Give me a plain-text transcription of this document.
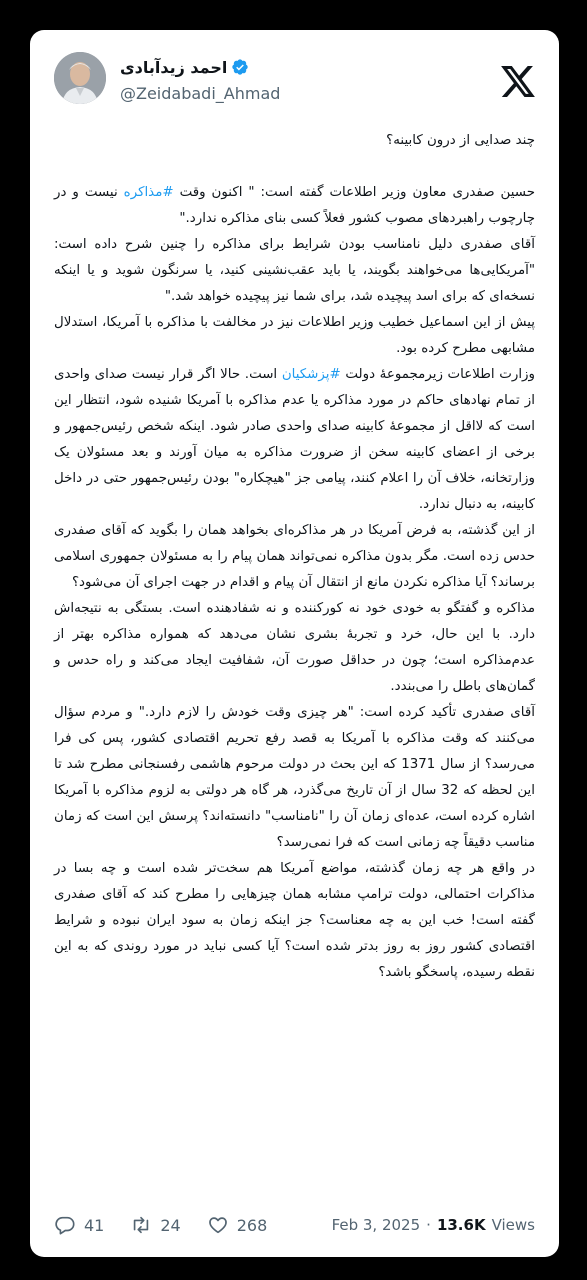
احمد زیدآبادی
@Zeidabadi_Ahmad

چند صدایی از درون کابینه؟

حسین صفدری معاون وزیر اطلاعات گفته است: " اکنون وقت #مذاکره نیست و در چارچوب راهبردهای مصوب کشور فعلاً کسی بنای مذاکره ندارد."

آقای صفدری دلیل نامناسب بودن شرایط برای مذاکره را چنین شرح داده است: "آمریکایی‌ها می‌خواهند بگویند، یا باید عقب‌نشینی کنید، یا سرنگون شوید و یا اینکه نسخه‌ای که برای اسد پیچیده شد، برای شما نیز پیچیده خواهد شد."

پیش از این اسماعیل خطیب وزیر اطلاعات نیز در مخالفت با مذاکره با آمریکا، استدلال مشابهی مطرح کرده بود.

وزارت اطلاعات زیرمجموعهٔ دولت #پزشکیان است. حالا اگر قرار نیست صدای واحدی از تمام نهادهای حاکم در مورد مذاکره یا عدم مذاکره با آمریکا شنیده شود، انتظار این است که لااقل از مجموعهٔ کابینه صدای واحدی صادر شود. اینکه شخص رئیس‌جمهور و برخی از اعضای کابینه سخن از ضرورت مذاکره به میان آورند و بعد مسئولان یک وزارتخانه، خلاف آن را اعلام کنند، پیامی جز "هیچکاره" بودن رئیس‌جمهور حتی در داخل کابینه، به دنبال ندارد.

از این گذشته، به فرض آمریکا در هر مذاکره‌ای بخواهد همان را بگوید که آقای صفدری حدس زده است. مگر بدون مذاکره نمی‌تواند همان پیام را به مسئولان جمهوری اسلامی برساند؟ آیا مذاکره نکردن مانع از انتقال آن پیام و اقدام در جهت اجرای آن می‌شود؟

مذاکره و گفتگو به خودی خود نه کورکننده و نه شفادهنده است. بستگی به نتیجه‌اش دارد. با این حال، خرد و تجربهٔ بشری نشان می‌دهد که همواره مذاکره بهتر از عدم‌مذاکره است؛ چون در حداقل صورت آن، شفافیت ایجاد می‌کند و راه حدس و گمان‌های باطل را می‌بندد.

آقای صفدری تأکید کرده است: "هر چیزی وقت خودش را لازم دارد." و مردم سؤال می‌کنند که وقت مذاکره با آمریکا به قصد رفع تحریم اقتصادی کشور، پس کی فرا می‌رسد؟ از سال 1371 که این بحث در دولت مرحوم هاشمی رفسنجانی مطرح شد تا این لحظه که 32 سال از آن تاریخ می‌گذرد، هر گاه هر دولتی به لزوم مذاکره با آمریکا اشاره کرده است، عده‌ای زمان آن را "نامناسب" دانسته‌اند؟ پرسش این است که زمان مناسب دقیقاً چه زمانی است که فرا نمی‌رسد؟

در واقع هر چه زمان گذشته، مواضع آمریکا هم سخت‌تر شده است و چه بسا در مذاکرات احتمالی، دولت ترامپ مشابه همان چیزهایی را مطرح کند که آقای صفدری گفته است! خب این به چه معناست؟ جز اینکه زمان به سود ایران نبوده و شرایط اقتصادی کشور روز به روز بدتر شده است؟ آیا کسی نباید در مورد روندی که به این نقطه رسیده، پاسخگو باشد؟

41	24	268	Feb 3, 2025 · 13.6K Views
